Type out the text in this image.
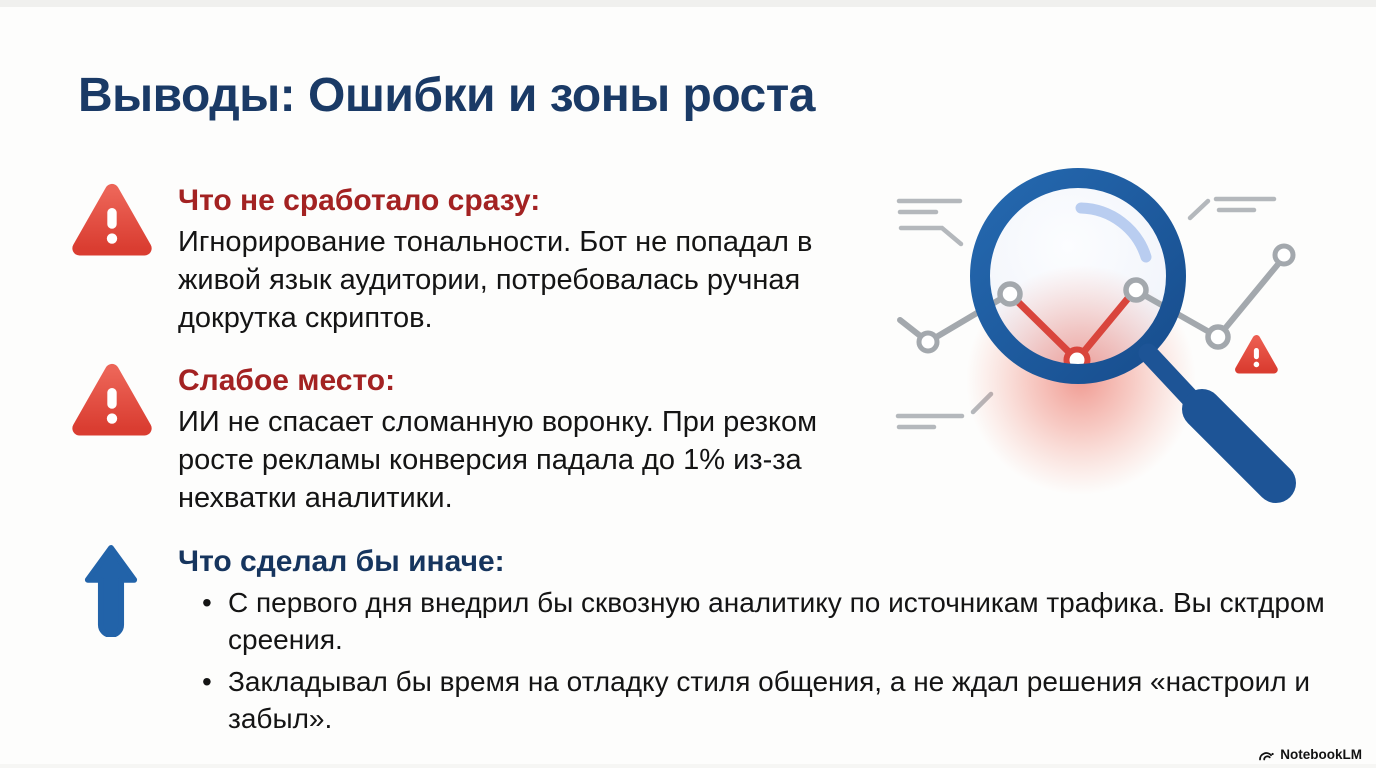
Выводы: Ошибки и зоны роста
Что не сработало сразу:

Игнорирование тональности. Бот не попадал в живой язык аудитории, потребовалась ручная докрутка скриптов.

Слабое место:

ИИ не спасает сломанную воронку. При резком росте рекламы конверсия падала до 1% из-за нехватки аналитики.

Что сделал бы иначе:
• С первого дня внедрил бы сквозную аналитику по источникам трафика. Вы сктдром среения.
• Закладывал бы время на отладку стиля общения, а не ждал решения «настроил и забыл».
NotebookLM
